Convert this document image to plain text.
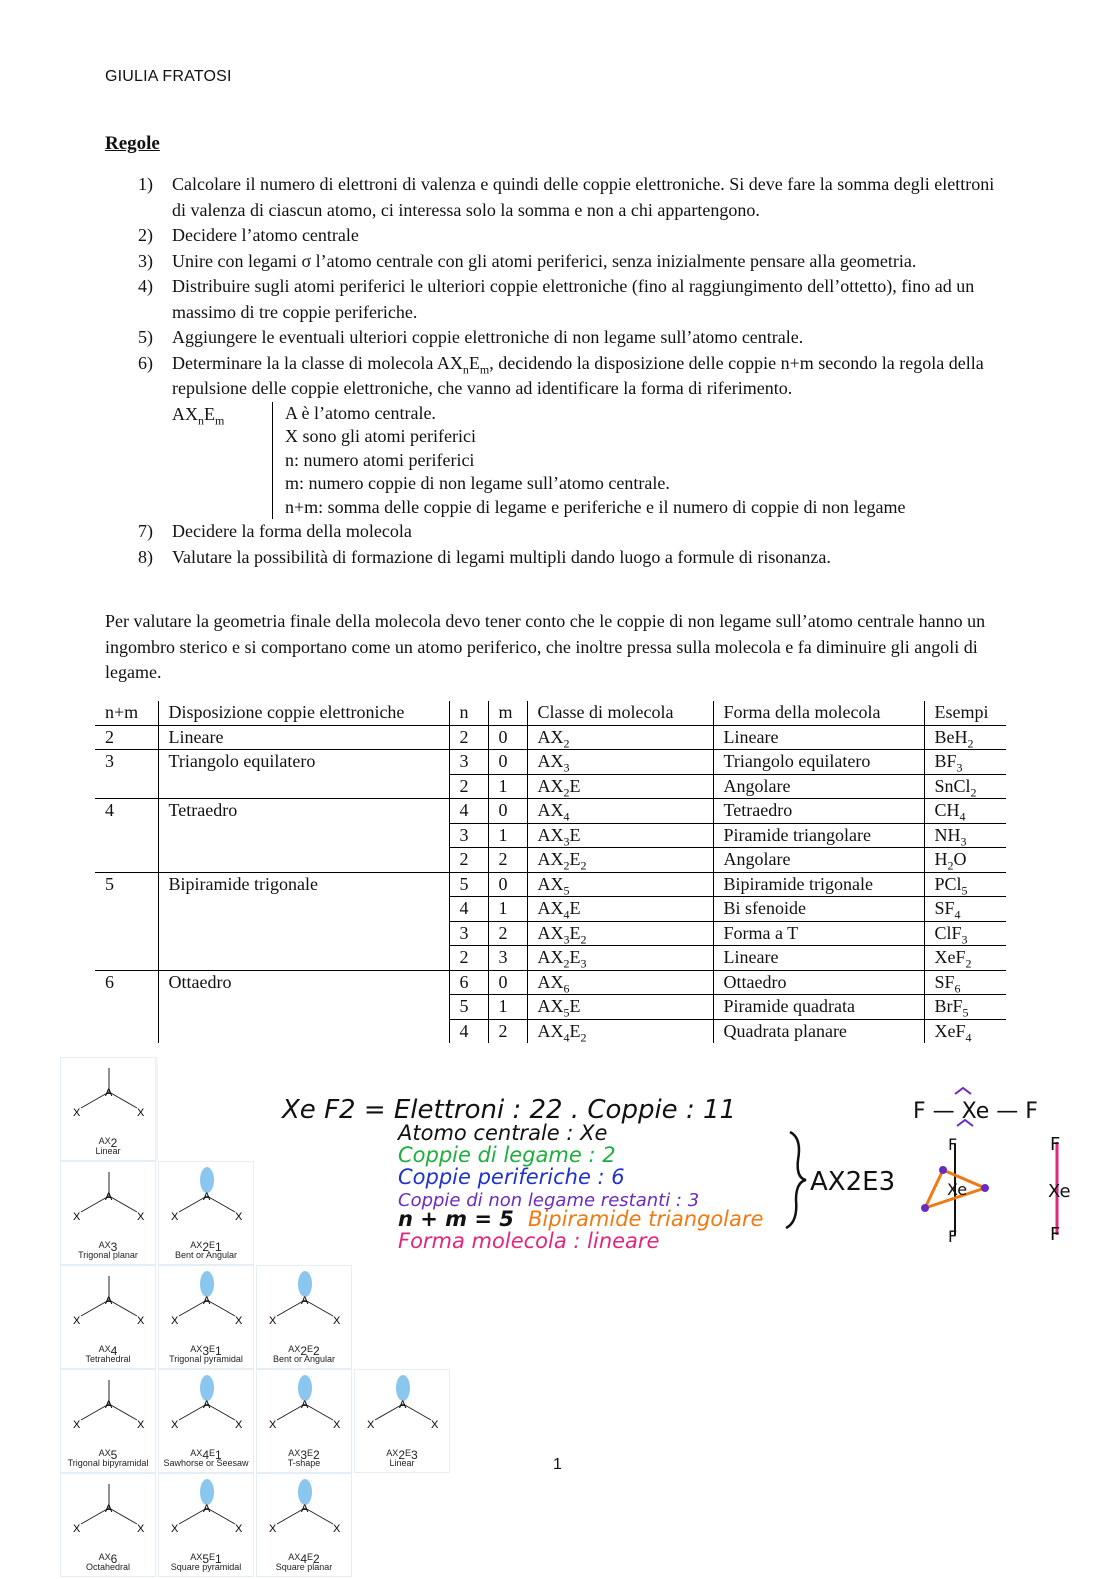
GIULIA FRATOSI
Regole
1)	Calcolare il numero di elettroni di valenza e quindi delle coppie elettroniche. Si deve fare la somma degli elettroni di valenza di ciascun atomo, ci interessa solo la somma e non a chi appartengono.
2)	Decidere l’atomo centrale
3)	Unire con legami σ l’atomo centrale con gli atomi periferici, senza inizialmente pensare alla geometria.
4)	Distribuire sugli atomi periferici le ulteriori coppie elettroniche (fino al raggiungimento dell’ottetto), fino ad un massimo di tre coppie periferiche.
5)	Aggiungere le eventuali ulteriori coppie elettroniche di non legame sull’atomo centrale.
6)	Determinare la la classe di molecola $AX_nE_m$, decidendo la disposizione delle coppie n+m secondo la regola della repulsione delle coppie elettroniche, che vanno ad identificare la forma di riferimento.
$AX_nE_m$	A è l’atomo centrale.
X sono gli atomi periferici
n: numero atomi periferici
m: numero coppie di non legame sull’atomo centrale.
n+m: somma delle coppie di legame e periferiche e il numero di coppie di non legame
7)	Decidere la forma della molecola
8)	Valutare la possibilità di formazione di legami multipli dando luogo a formule di risonanza.
Per valutare la geometria finale della molecola devo tener conto che le coppie di non legame sull’atomo centrale hanno un ingombro sterico e si comportano come un atomo periferico, che inoltre pressa sulla molecola e fa diminuire gli angoli di legame.
n+m	Disposizione coppie elettroniche	n	m	Classe di molecola	Forma della molecola	Esempi
2	Lineare	2	0	$AX_2$	Lineare	BeH$_2$
3	Triangolo equilatero	3	0	$AX_3$	Triangolo equilatero	$BF_3$
		2	1	$AX_2E$	Angolare	SnCl$_2$
4	Tetraedro	4	0	$AX_4$	Tetraedro	$CH_4$
		3	1	$AX_3E$	Piramide triangolare	$NH_3$
		2	2	$AX_2E_2$	Angolare	$H_2O$
5	Bipiramide trigonale	5	0	$AX_5$	Bipiramide trigonale	PCl$_5$
		4	1	$AX_4E$	Bi sfenoide	$SF_4$
		3	2	$AX_3E_2$	Forma a T	ClF$_3$
		2	3	$AX_2E_3$	Lineare	XeF$_2$
6	Ottaedro	6	0	$AX_6$	Ottaedro	$SF_6$
		5	1	$AX_5E$	Piramide quadrata	BrF$_5$
		4	2	$AX_4E_2$	Quadrata planare	XeF$_4$
A
X	X
$AX_2$
Linear
A
X	X
$AX_3$
Trigonal planar
A
X	X
$AX_2E_1$
Bent or Angular
A
X	X
$AX_4$
Tetrahedral
A
X	X
$AX_3E_1$
Trigonal pyramidal
A
X	X
$AX_2E_2$
Bent or Angular
A
X	X
$AX_5$
Trigonal bipyramidal
A
X	X
$AX_4E_1$
Sawhorse or Seesaw
A
X	X
$AX_3E_2$
T-shape
A
X	X
$AX_2E_3$
Linear
A
X	X
$AX_6$
Octahedral
A
X	X
$AX_5E_1$
Square pyramidal
A
X	X
$AX_4E_2$
Square planar
Xe F2 = Elettroni : 22 . Coppie : 11
Atomo centrale : Xe
Coppie di legame : 2
Coppie periferiche : 6
Coppie di non legame restanti : 3
n + m = 5 Bipiramide triangolare
Forma molecola : lineare
AX2E3
F — Xe — F
F
F
Xe
F
F
Xe
1
